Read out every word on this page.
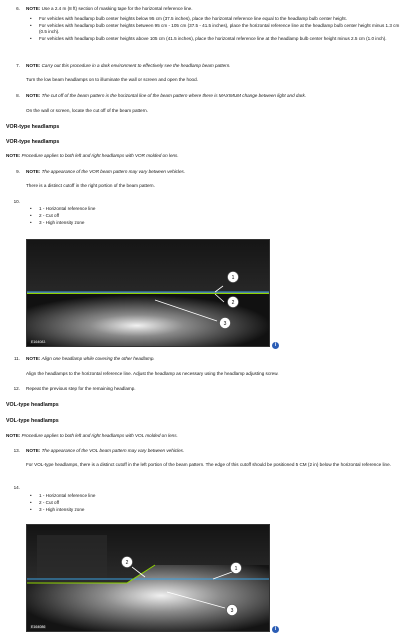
6. NOTE: Use a 2.4 m (8 ft) section of masking tape for the horizontal reference line.
• For vehicles with headlamp bulb center heights below 95 cm (37.5 inches), place the horizontal reference line equal to the headlamp bulb center height.
• For vehicles with headlamp bulb center heights between 95 cm - 105 cm (37.5 - 41.5 inches), place the horizontal reference line at the headlamp bulb center height minus 1.3 cm (0.5 inch).
• For vehicles with headlamp bulb center heights above 105 cm (41.5 inches), place the horizontal reference line at the headlamp bulb center height minus 2.5 cm (1.0 inch).
7. NOTE: Carry out this procedure in a dark environment to effectively see the headlamp beam pattern.
Turn the low beam headlamps on to illuminate the wall or screen and open the hood.
8. NOTE: The cut off of the beam pattern is the horizontal line of the beam pattern where there is MAXIMUM change between light and dark.
On the wall or screen, locate the cut off of the beam pattern.
VOR-type headlamps
VOR-type headlamps
NOTE: Procedure applies to both left and right headlamps with VOR molded on lens.
9. NOTE: The appearance of the VOR beam pattern may vary between vehicles.
There is a distinct cutoff in the right portion of the beam pattern.
10.
• 1 - Horizontal reference line
• 2 - Cut off
• 3 - High intensity zone
1
2
3
E164083	i
11. NOTE: Align one headlamp while covering the other headlamp.
Align the headlamps to the horizontal reference line. Adjust the headlamp as necessary using the headlamp adjusting screw.
12. Repeat the previous step for the remaining headlamp.
VOL-type headlamps
VOL-type headlamps
NOTE: Procedure applies to both left and right headlamps with VOL molded on lens.
13. NOTE: The appearance of the VOL beam pattern may vary between vehicles.
For VOL-type headlamps, there is a distinct cutoff in the left portion of the beam pattern. The edge of this cutoff should be positioned 5 CM (2 in) below the horizontal reference line.
14.
• 1 - Horizontal reference line
• 2 - Cut off
• 3 - High intensity zone
2
1
3
E164086	i
